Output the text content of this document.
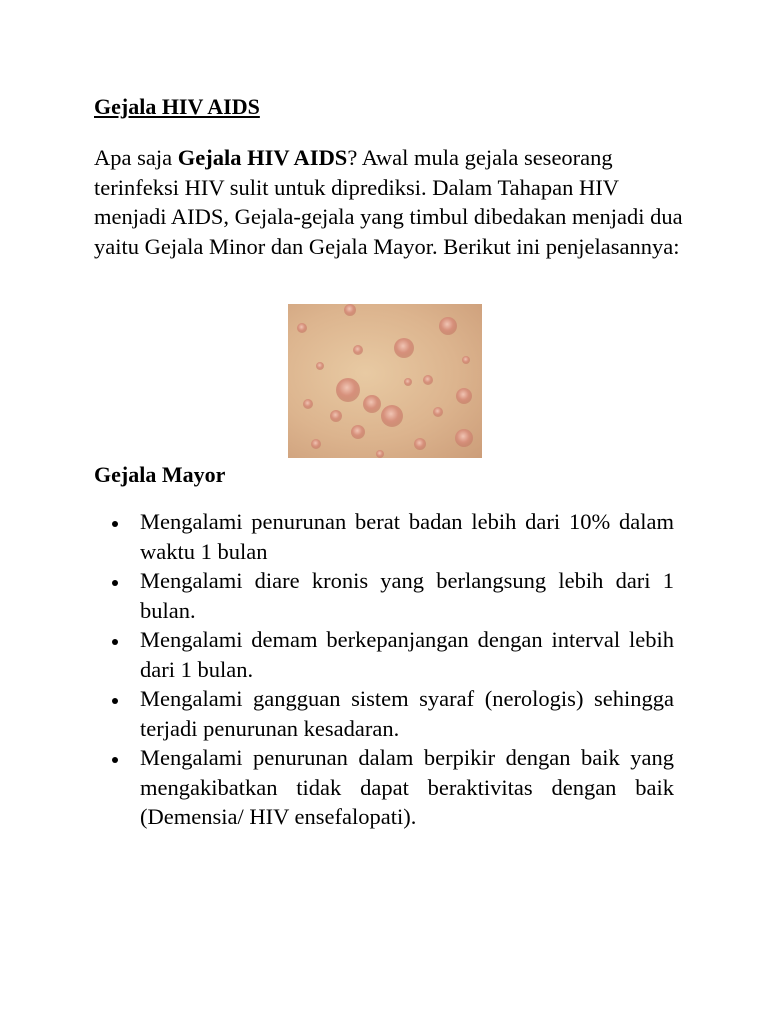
Gejala HIV AIDS

Apa saja Gejala HIV AIDS? Awal mula gejala seseorang terinfeksi HIV sulit untuk diprediksi. Dalam Tahapan HIV menjadi AIDS, Gejala-gejala yang timbul dibedakan menjadi dua yaitu Gejala Minor dan Gejala Mayor. Berikut ini penjelasannya:

Gejala Mayor
Mengalami penurunan berat badan lebih dari 10% dalam waktu 1 bulan
Mengalami diare kronis yang berlangsung lebih dari 1 bulan.
Mengalami demam berkepanjangan dengan interval lebih dari 1 bulan.
Mengalami gangguan sistem syaraf (nerologis) sehingga terjadi penurunan kesadaran.
Mengalami penurunan dalam berpikir dengan baik yang mengakibatkan tidak dapat beraktivitas dengan baik (Demensia/ HIV ensefalopati).
